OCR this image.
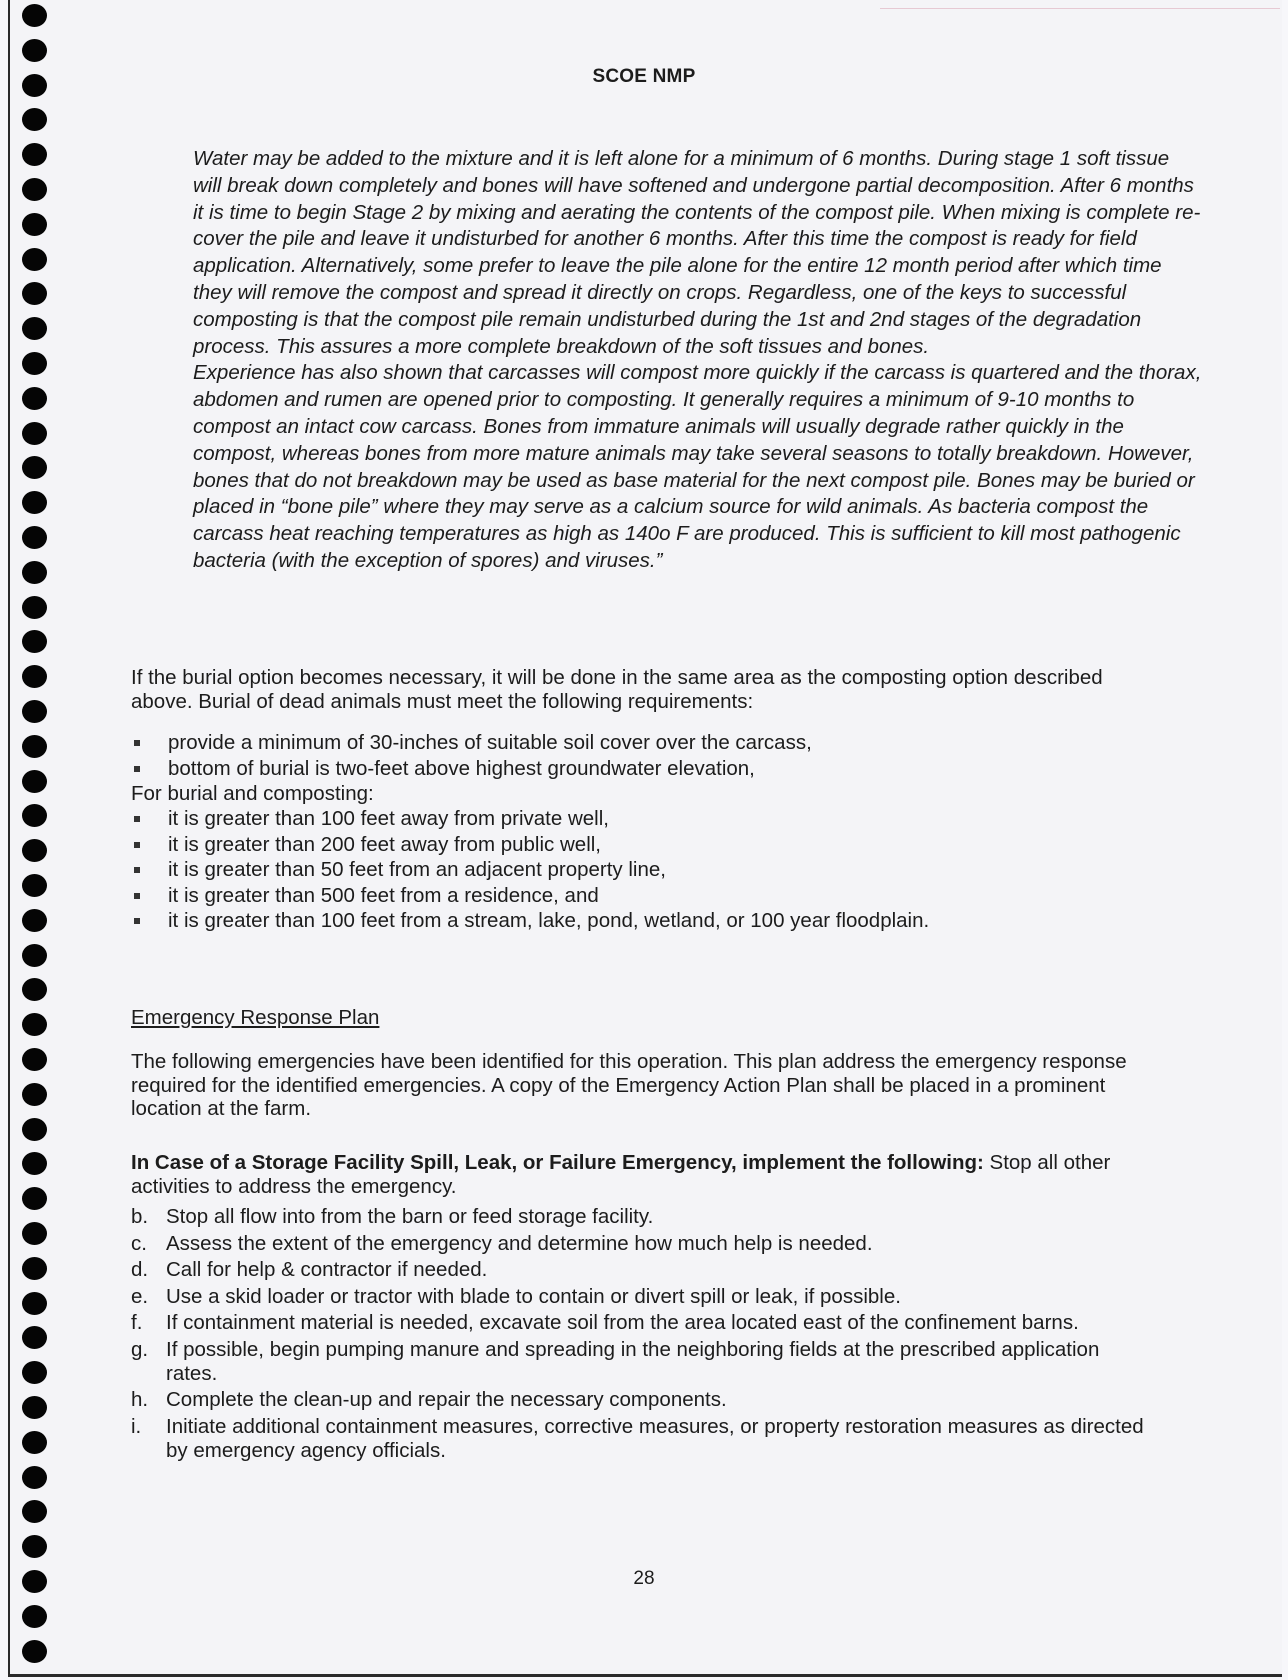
SCOE NMP

Water may be added to the mixture and it is left alone for a minimum of 6 months. During stage 1 soft tissue will break down completely and bones will have softened and undergone partial decomposition. After 6 months it is time to begin Stage 2 by mixing and aerating the contents of the compost pile. When mixing is complete re-cover the pile and leave it undisturbed for another 6 months. After this time the compost is ready for field application. Alternatively, some prefer to leave the pile alone for the entire 12 month period after which time they will remove the compost and spread it directly on crops. Regardless, one of the keys to successful composting is that the compost pile remain undisturbed during the 1st and 2nd stages of the degradation process. This assures a more complete breakdown of the soft tissues and bones.

Experience has also shown that carcasses will compost more quickly if the carcass is quartered and the thorax, abdomen and rumen are opened prior to composting. It generally requires a minimum of 9-10 months to compost an intact cow carcass. Bones from immature animals will usually degrade rather quickly in the compost, whereas bones from more mature animals may take several seasons to totally breakdown. However, bones that do not breakdown may be used as base material for the next compost pile. Bones may be buried or placed in “bone pile” where they may serve as a calcium source for wild animals. As bacteria compost the carcass heat reaching temperatures as high as 140o F are produced. This is sufficient to kill most pathogenic bacteria (with the exception of spores) and viruses.”

If the burial option becomes necessary, it will be done in the same area as the composting option described above. Burial of dead animals must meet the following requirements:

provide a minimum of 30-inches of suitable soil cover over the carcass,
bottom of burial is two-feet above highest groundwater elevation,
For burial and composting:
it is greater than 100 feet away from private well,
it is greater than 200 feet away from public well,
it is greater than 50 feet from an adjacent property line,
it is greater than 500 feet from a residence, and
it is greater than 100 feet from a stream, lake, pond, wetland, or 100 year floodplain.
Emergency Response Plan

The following emergencies have been identified for this operation. This plan address the emergency response required for the identified emergencies. A copy of the Emergency Action Plan shall be placed in a prominent location at the farm.

In Case of a Storage Facility Spill, Leak, or Failure Emergency, implement the following: Stop all other activities to address the emergency.

b. Stop all flow into from the barn or feed storage facility.
c. Assess the extent of the emergency and determine how much help is needed.
d. Call for help & contractor if needed.
e. Use a skid loader or tractor with blade to contain or divert spill or leak, if possible.
f. If containment material is needed, excavate soil from the area located east of the confinement barns.
g. If possible, begin pumping manure and spreading in the neighboring fields at the prescribed application rates.
h. Complete the clean-up and repair the necessary components.
i. Initiate additional containment measures, corrective measures, or property restoration measures as directed by emergency agency officials.
28
